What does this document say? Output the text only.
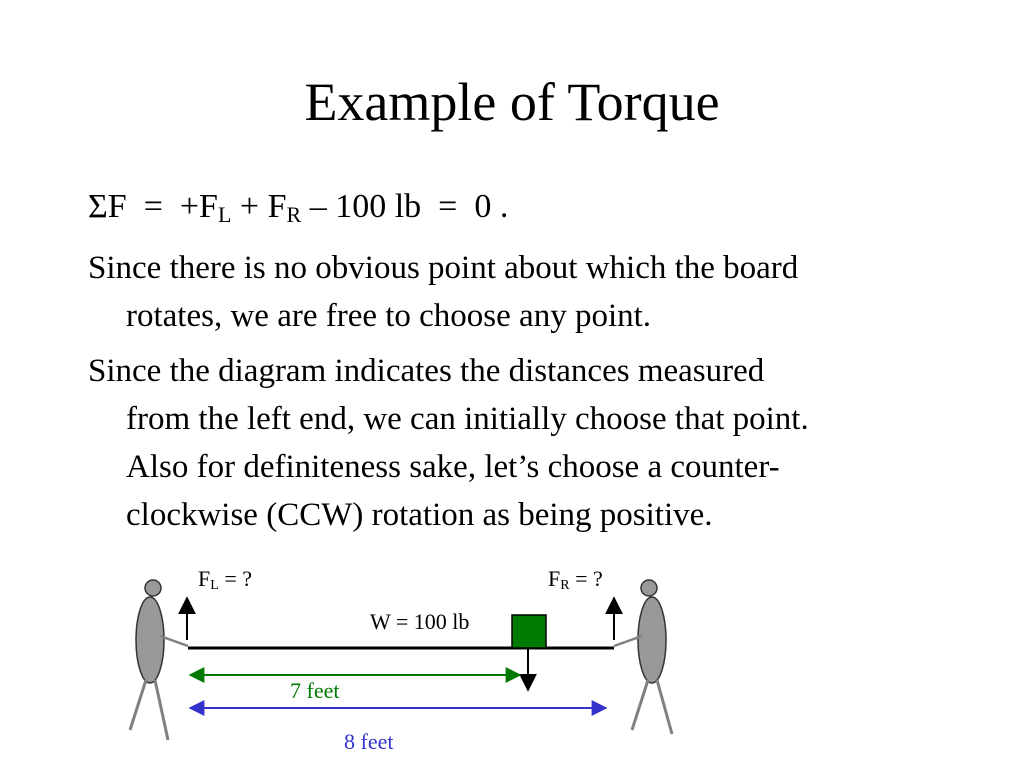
Example of Torque
$\Sigma F = +F_L + F_R - 100$ lb  =  0 .
Since there is no obvious point about which the board
rotates, we are free to choose any point.
Since the diagram indicates the distances measured
from the left end, we can initially choose that point.
Also for definiteness sake, let’s choose a counter-
clockwise (CCW) rotation as being positive.
$F_L$ = ?	$F_R$ = ?
W = 100 lb
7 feet
8 feet
